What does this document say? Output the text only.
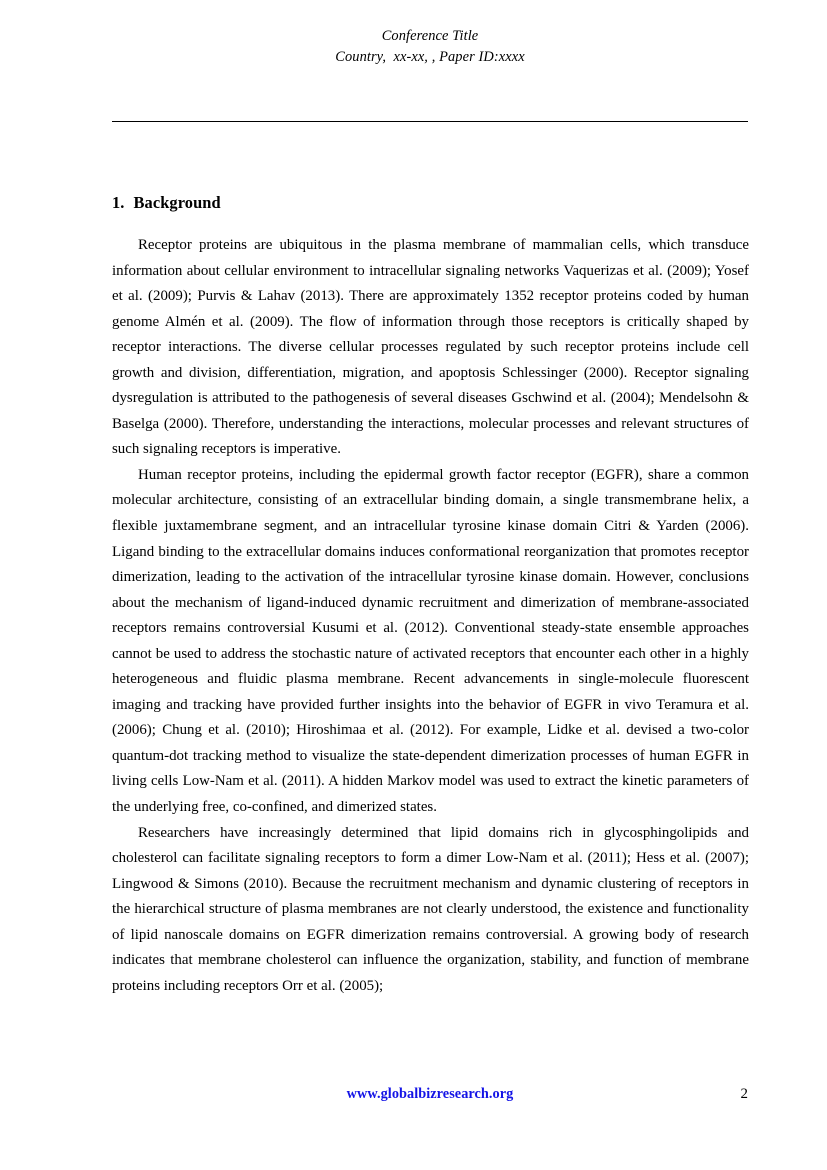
Conference Title
Country,  xx-xx, , Paper ID:xxxx
1. Background

Receptor proteins are ubiquitous in the plasma membrane of mammalian cells, which transduce information about cellular environment to intracellular signaling networks Vaquerizas et al. (2009); Yosef et al. (2009); Purvis & Lahav (2013). There are approximately 1352 receptor proteins coded by human genome Almén et al. (2009). The flow of information through those receptors is critically shaped by receptor interactions. The diverse cellular processes regulated by such receptor proteins include cell growth and division, differentiation, migration, and apoptosis Schlessinger (2000). Receptor signaling dysregulation is attributed to the pathogenesis of several diseases Gschwind et al. (2004); Mendelsohn & Baselga (2000). Therefore, understanding the interactions, molecular processes and relevant structures of such signaling receptors is imperative.

Human receptor proteins, including the epidermal growth factor receptor (EGFR), share a common molecular architecture, consisting of an extracellular binding domain, a single transmembrane helix, a flexible juxtamembrane segment, and an intracellular tyrosine kinase domain Citri & Yarden (2006). Ligand binding to the extracellular domains induces conformational reorganization that promotes receptor dimerization, leading to the activation of the intracellular tyrosine kinase domain. However, conclusions about the mechanism of ligand-induced dynamic recruitment and dimerization of membrane-associated receptors remains controversial Kusumi et al. (2012). Conventional steady-state ensemble approaches cannot be used to address the stochastic nature of activated receptors that encounter each other in a highly heterogeneous and fluidic plasma membrane. Recent advancements in single-molecule fluorescent imaging and tracking have provided further insights into the behavior of EGFR in vivo Teramura et al. (2006); Chung et al. (2010); Hiroshimaa et al. (2012). For example, Lidke et al. devised a two-color quantum-dot tracking method to visualize the state-dependent dimerization processes of human EGFR in living cells Low-Nam et al. (2011). A hidden Markov model was used to extract the kinetic parameters of the underlying free, co-confined, and dimerized states.

Researchers have increasingly determined that lipid domains rich in glycosphingolipids and cholesterol can facilitate signaling receptors to form a dimer Low-Nam et al. (2011); Hess et al. (2007); Lingwood & Simons (2010). Because the recruitment mechanism and dynamic clustering of receptors in the hierarchical structure of plasma membranes are not clearly understood, the existence and functionality of lipid nanoscale domains on EGFR dimerization remains controversial. A growing body of research indicates that membrane cholesterol can influence the organization, stability, and function of membrane proteins including receptors Orr et al. (2005);

www.globalbizresearch.org	2
